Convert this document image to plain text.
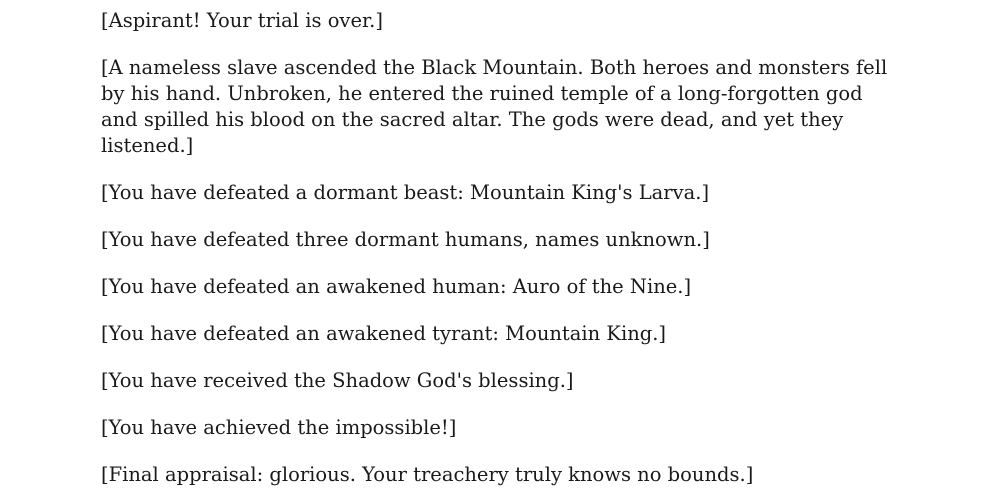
[Aspirant! Your trial is over.]

[A nameless slave ascended the Black Mountain. Both heroes and monsters fell by his hand. Unbroken, he entered the ruined temple of a long-forgotten god and spilled his blood on the sacred altar. The gods were dead, and yet they listened.]

[You have defeated a dormant beast: Mountain King's Larva.]

[You have defeated three dormant humans, names unknown.]

[You have defeated an awakened human: Auro of the Nine.]

[You have defeated an awakened tyrant: Mountain King.]

[You have received the Shadow God's blessing.]

[You have achieved the impossible!]

[Final appraisal: glorious. Your treachery truly knows no bounds.]
